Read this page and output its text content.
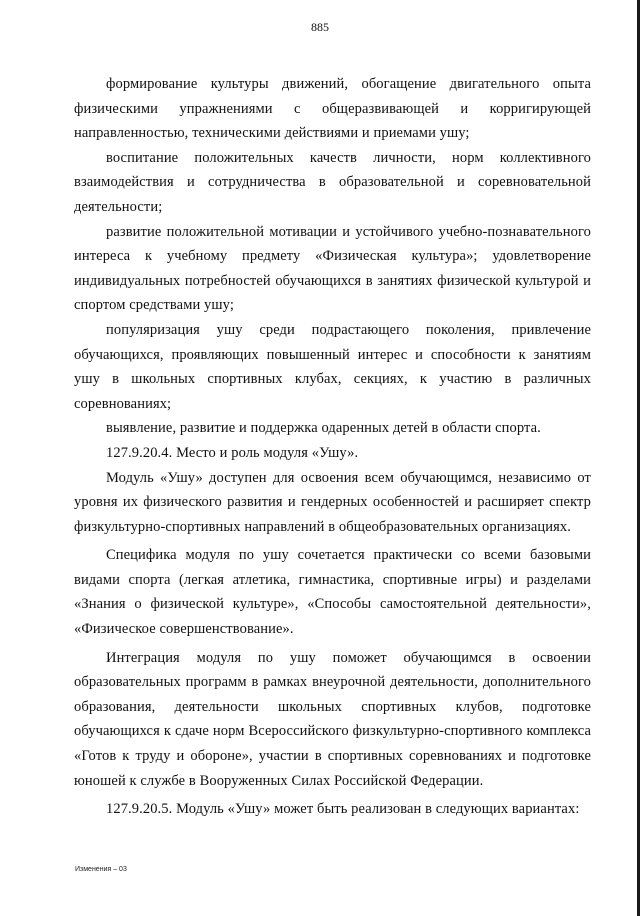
885

формирование культуры движений, обогащение двигательного опыта физическими упражнениями с общеразвивающей и корригирующей направленностью, техническими действиями и приемами ушу;

воспитание положительных качеств личности, норм коллективного взаимодействия и сотрудничества в образовательной и соревновательной деятельности;

развитие положительной мотивации и устойчивого учебно-познавательного интереса к учебному предмету «Физическая культура»; удовлетворение индивидуальных потребностей обучающихся в занятиях физической культурой и спортом средствами ушу;

популяризация ушу среди подрастающего поколения, привлечение обучающихся, проявляющих повышенный интерес и способности к занятиям ушу в школьных спортивных клубах, секциях, к участию в различных соревнованиях;

выявление, развитие и поддержка одаренных детей в области спорта.

127.9.20.4. Место и роль модуля «Ушу».

Модуль «Ушу» доступен для освоения всем обучающимся, независимо от уровня их физического развития и гендерных особенностей и расширяет спектр физкультурно-спортивных направлений в общеобразовательных организациях.

Специфика модуля по ушу сочетается практически со всеми базовыми видами спорта (легкая атлетика, гимнастика, спортивные игры) и разделами «Знания о физической культуре», «Способы самостоятельной деятельности», «Физическое совершенствование».

Интеграция модуля по ушу поможет обучающимся в освоении образовательных программ в рамках внеурочной деятельности, дополнительного образования, деятельности школьных спортивных клубов, подготовке обучающихся к сдаче норм Всероссийского физкультурно-спортивного комплекса «Готов к труду и обороне», участии в спортивных соревнованиях и подготовке юношей к службе в Вооруженных Силах Российской Федерации.

127.9.20.5. Модуль «Ушу» может быть реализован в следующих вариантах:

Изменения – 03
